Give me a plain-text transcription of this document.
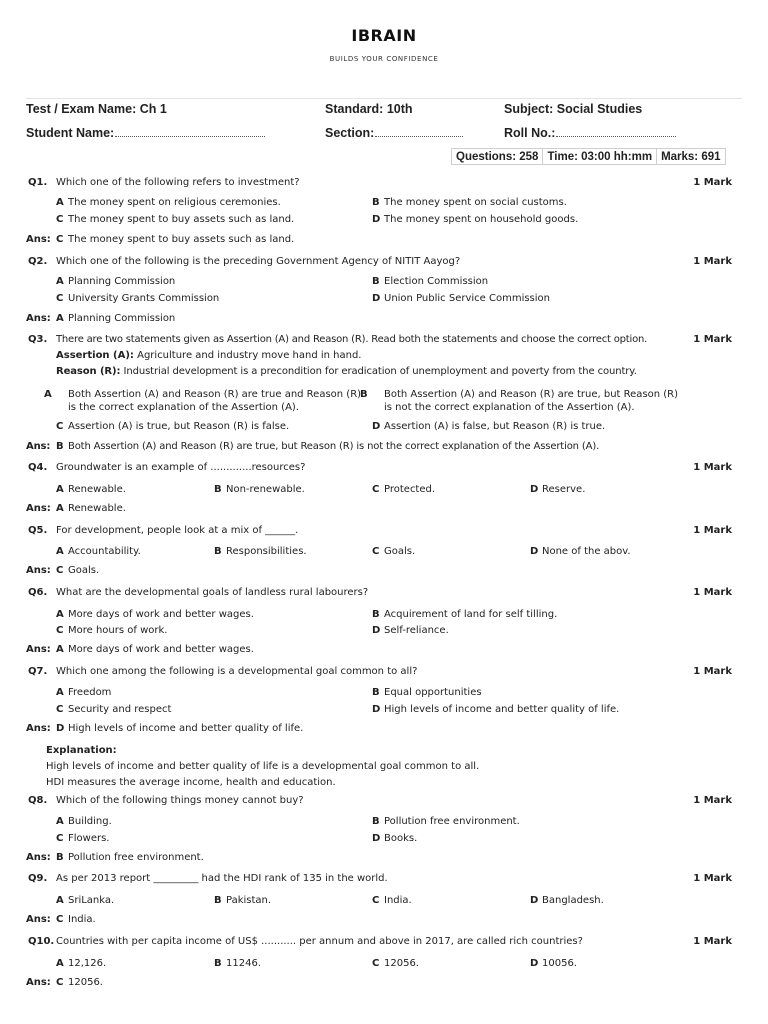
IBRAIN
BUILDS YOUR CONFIDENCE
Test / Exam Name: Ch 1	Standard: 10th	Subject: Social Studies
Student Name:	Section:	Roll No.:
Questions: 258 Time: 03:00 hh:mm Marks: 691
Q1. Which one of the following refers to investment?	1 Mark
A The money spent on religious ceremonies.	B The money spent on social customs.
C The money spent to buy assets such as land.	D The money spent on household goods.
Ans: C The money spent to buy assets such as land.
Q2. Which one of the following is the preceding Government Agency of NITIT Aayog?	1 Mark
A Planning Commission	B Election Commission
C University Grants Commission	D Union Public Service Commission
Ans: A Planning Commission
Q3. There are two statements given as Assertion (A) and Reason (R). Read both the statements and choose the correct option.	1 Mark
Assertion (A): Agriculture and industry move hand in hand.
Reason (R): Industrial development is a precondition for eradication of unemployment and poverty from the country.
A Both Assertion (A) and Reason (R) are true and Reason (R) is the correct explanation of the Assertion (A).
B Both Assertion (A) and Reason (R) are true, but Reason (R) is not the correct explanation of the Assertion (A).
C Assertion (A) is true, but Reason (R) is false.	D Assertion (A) is false, but Reason (R) is true.
Ans: B Both Assertion (A) and Reason (R) are true, but Reason (R) is not the correct explanation of the Assertion (A).
Q4. Groundwater is an example of .............resources?	1 Mark
A Renewable.	B Non-renewable.	C Protected.	D Reserve.
Ans: A Renewable.
Q5. For development, people look at a mix of ______.	1 Mark
A Accountability.	B Responsibilities.	C Goals.	D None of the abov.
Ans: C Goals.
Q6. What are the developmental goals of landless rural labourers?	1 Mark
A More days of work and better wages.	B Acquirement of land for self tilling.
C More hours of work.	D Self-reliance.
Ans: A More days of work and better wages.
Q7. Which one among the following is a developmental goal common to all?	1 Mark
A Freedom	B Equal opportunities
C Security and respect	D High levels of income and better quality of life.
Ans: D High levels of income and better quality of life.
Explanation:
High levels of income and better quality of life is a developmental goal common to all.
HDI measures the average income, health and education.
Q8. Which of the following things money cannot buy?	1 Mark
A Building.	B Pollution free environment.
C Flowers.	D Books.
Ans: B Pollution free environment.
Q9. As per 2013 report _________ had the HDI rank of 135 in the world.	1 Mark
A SriLanka.	B Pakistan.	C India.	D Bangladesh.
Ans: C India.
Q10. Countries with per capita income of US$ ........... per annum and above in 2017, are called rich countries?	1 Mark
A 12,126.	B 11246.	C 12056.	D 10056.
Ans: C 12056.
